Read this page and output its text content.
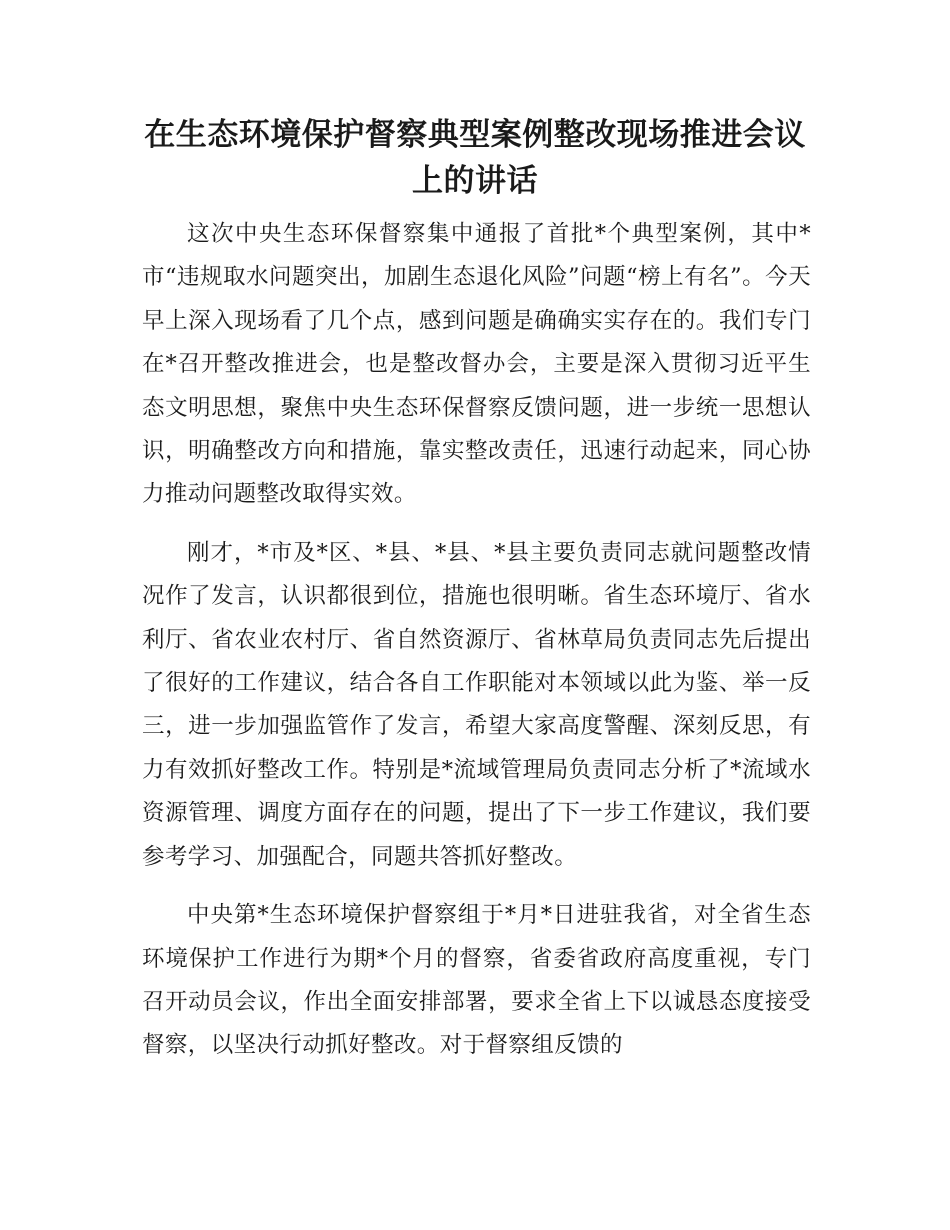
在生态环境保护督察典型案例整改现场推进会议上的讲话

这次中央生态环保督察集中通报了首批*个典型案例，其中*市“违规取水问题突出，加剧生态退化风险”问题“榜上有名”。今天早上深入现场看了几个点，感到问题是确确实实存在的。我们专门在*召开整改推进会，也是整改督办会，主要是深入贯彻习近平生态文明思想，聚焦中央生态环保督察反馈问题，进一步统一思想认识，明确整改方向和措施，靠实整改责任，迅速行动起来，同心协力推动问题整改取得实效。

刚才，*市及*区、*县、*县、*县主要负责同志就问题整改情况作了发言，认识都很到位，措施也很明晰。省生态环境厅、省水利厅、省农业农村厅、省自然资源厅、省林草局负责同志先后提出了很好的工作建议，结合各自工作职能对本领域以此为鉴、举一反三，进一步加强监管作了发言，希望大家高度警醒、深刻反思，有力有效抓好整改工作。特别是*流域管理局负责同志分析了*流域水资源管理、调度方面存在的问题，提出了下一步工作建议，我们要参考学习、加强配合，同题共答抓好整改。

中央第*生态环境保护督察组于*月*日进驻我省，对全省生态环境保护工作进行为期*个月的督察，省委省政府高度重视，专门召开动员会议，作出全面安排部署，要求全省上下以诚恳态度接受督察，以坚决行动抓好整改。对于督察组反馈的
